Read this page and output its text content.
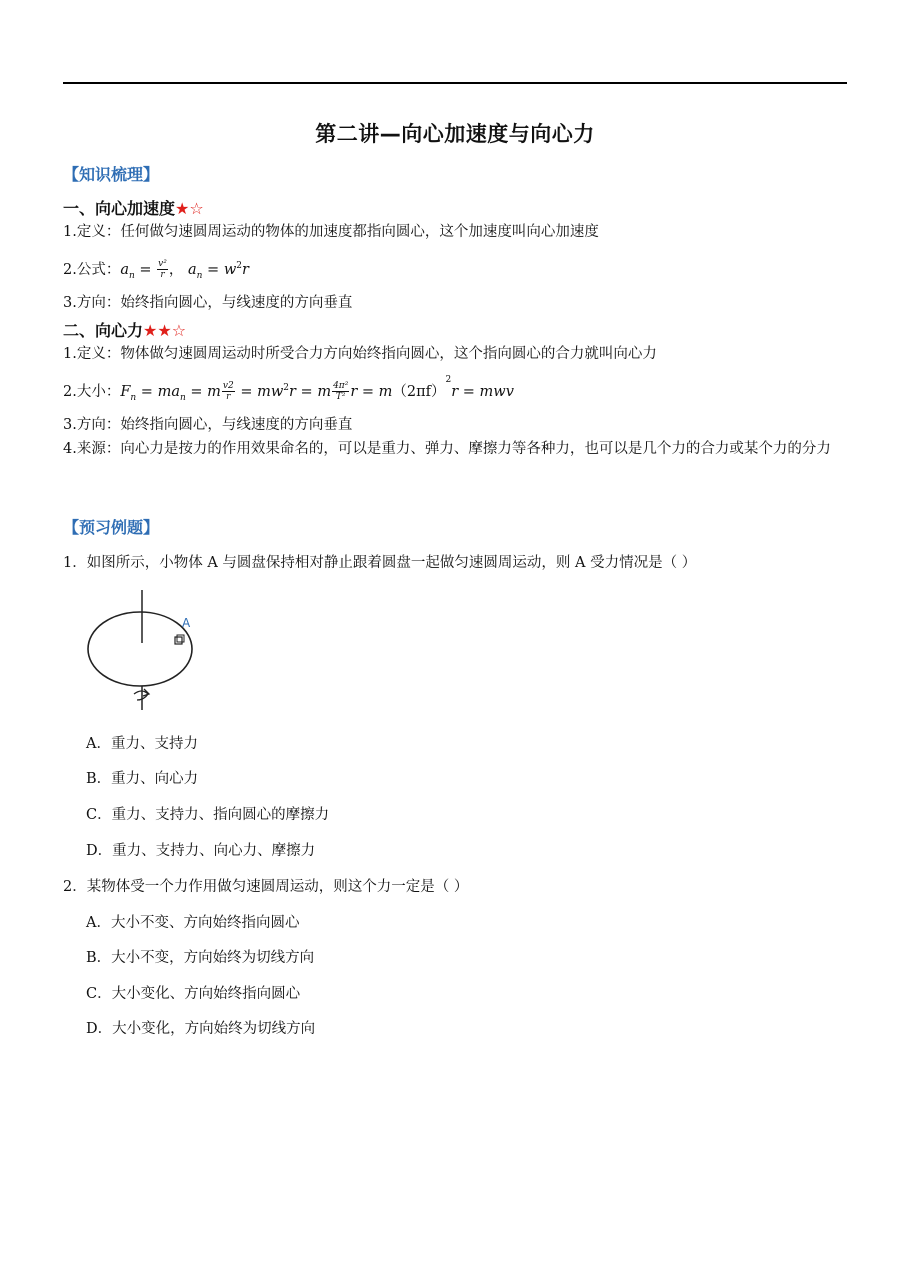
第二讲—向心加速度与向心力
【知识梳理】
一、向心加速度★☆
1.定义：任何做匀速圆周运动的物体的加速度都指向圆心，这个加速度叫向心加速度
2.公式：$a_n = \frac{\text{v²}}{r}$ ， $a_n = w^2r$
3.方向：始终指向圆心，与线速度的方向垂直
二、向心力★★☆
1.定义：物体做匀速圆周运动时所受合力方向始终指向圆心，这个指向圆心的合力就叫向心力
2.大小：$F_n = ma_n = m \frac{v2}{r} = mw^2r = m \frac{\text{4π²}}{\text{T²}}$ $r = m(2\pi f)^2r$ = mwv
3.方向：始终指向圆心，与线速度的方向垂直
4.来源：向心力是按力的作用效果命名的，可以是重力、弹力、摩擦力等各种力，也可以是几个力的合力或某个力的分力
【预习例题】
1．如图所示，小物体 A 与圆盘保持相对静止跟着圆盘一起做匀速圆周运动，则 A 受力情况是（ ）
A
A．重力、支持力
B．重力、向心力
C．重力、支持力、指向圆心的摩擦力
D．重力、支持力、向心力、摩擦力
2．某物体受一个力作用做匀速圆周运动，则这个力一定是（ ）
A．大小不变、方向始终指向圆心
B．大小不变，方向始终为切线方向
C．大小变化、方向始终指向圆心
D．大小变化，方向始终为切线方向
